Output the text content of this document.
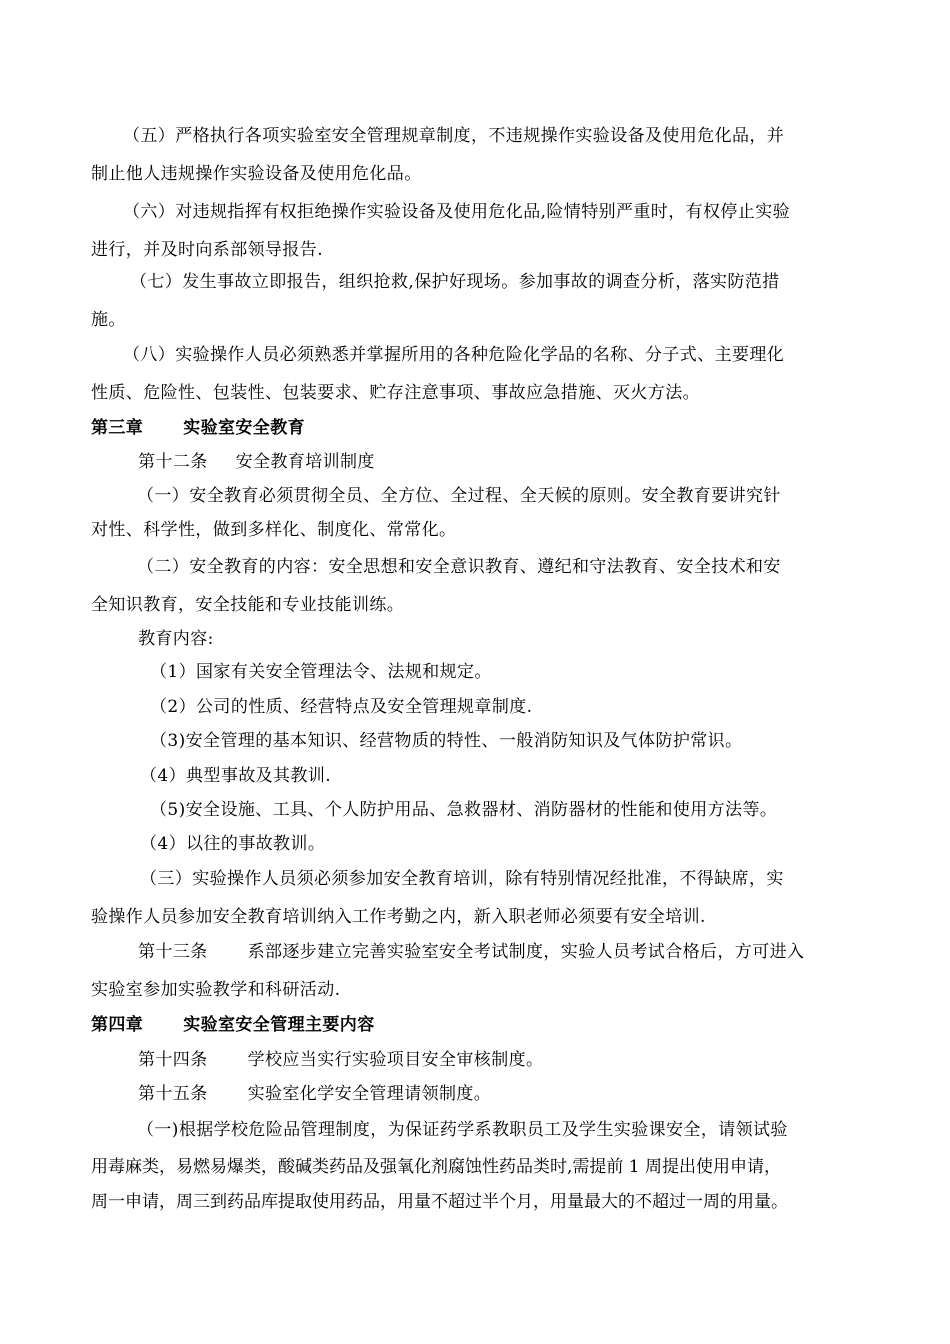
（五）严格执行各项实验室安全管理规章制度，不违规操作实验设备及使用危化品，并
制止他人违规操作实验设备及使用危化品。
（六）对违规指挥有权拒绝操作实验设备及使用危化品,险情特别严重时，有权停止实验
进行，并及时向系部领导报告.
（七）发生事故立即报告，组织抢救,保护好现场。参加事故的调查分析，落实防范措
施。
（八）实验操作人员必须熟悉并掌握所用的各种危险化学品的名称、分子式、主要理化
性质、危险性、包装性、包装要求、贮存注意事项、事故应急措施、灭火方法。
第三章 实验室安全教育
第十二条 安全教育培训制度
（一）安全教育必须贯彻全员、全方位、全过程、全天候的原则。安全教育要讲究针
对性、科学性，做到多样化、制度化、常常化。
（二）安全教育的内容：安全思想和安全意识教育、遵纪和守法教育、安全技术和安
全知识教育，安全技能和专业技能训练。
教育内容:
（1）国家有关安全管理法令、法规和规定。
（2）公司的性质、经营特点及安全管理规章制度.
（3)安全管理的基本知识、经营物质的特性、一般消防知识及气体防护常识。
（4）典型事故及其教训.
（5)安全设施、工具、个人防护用品、急救器材、消防器材的性能和使用方法等。
（4）以往的事故教训。
（三）实验操作人员须必须参加安全教育培训，除有特别情况经批准，不得缺席，实
验操作人员参加安全教育培训纳入工作考勤之内，新入职老师必须要有安全培训.
第十三条 系部逐步建立完善实验室安全考试制度，实验人员考试合格后，方可进入
实验室参加实验教学和科研活动.
第四章 实验室安全管理主要内容
第十四条 学校应当实行实验项目安全审核制度。
第十五条 实验室化学安全管理请领制度。
（一)根据学校危险品管理制度，为保证药学系教职员工及学生实验课安全，请领试验
用毒麻类，易燃易爆类，酸碱类药品及强氧化剂腐蚀性药品类时,需提前 1 周提出使用申请，
周一申请，周三到药品库提取使用药品，用量不超过半个月，用量最大的不超过一周的用量。
